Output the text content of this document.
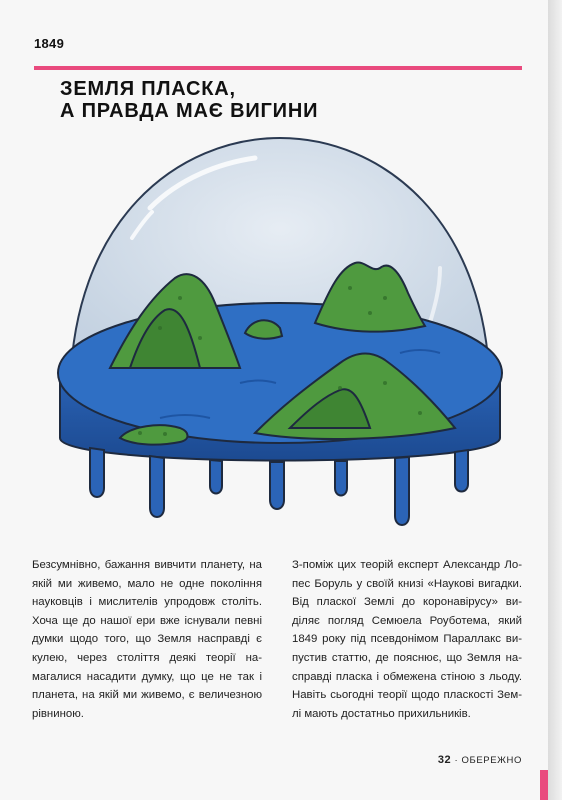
1849
ЗЕМЛЯ ПЛАСКА,
А ПРАВДА МАЄ ВИГИНИ
Безсумнівно, бажання вивчити планету, на якій ми живемо, мало не одне покоління науковців і мислителів упродовж століть. Хоча ще до нашої ери вже існували певні думки щодо того, що Земля насправді є кулею, через століття деякі теорії намагалися насадити думку, що це не так і планета, на якій ми живемо, є величезною рівниною.
З-поміж цих теорій експерт Александр Лопес Боруль у своїй книзі «Наукові вигадки. Від пласкої Землі до коронавірусу» виділяє погляд Семюела Роуботема, який 1849 року під псевдонімом Параллакс випустив статтю, де пояснює, що Земля насправді пласка і обмежена стіною з льоду. Навіть сьогодні теорії щодо пласкості Землі мають достатньо прихильників.
32 · ОБЕРЕЖНО
